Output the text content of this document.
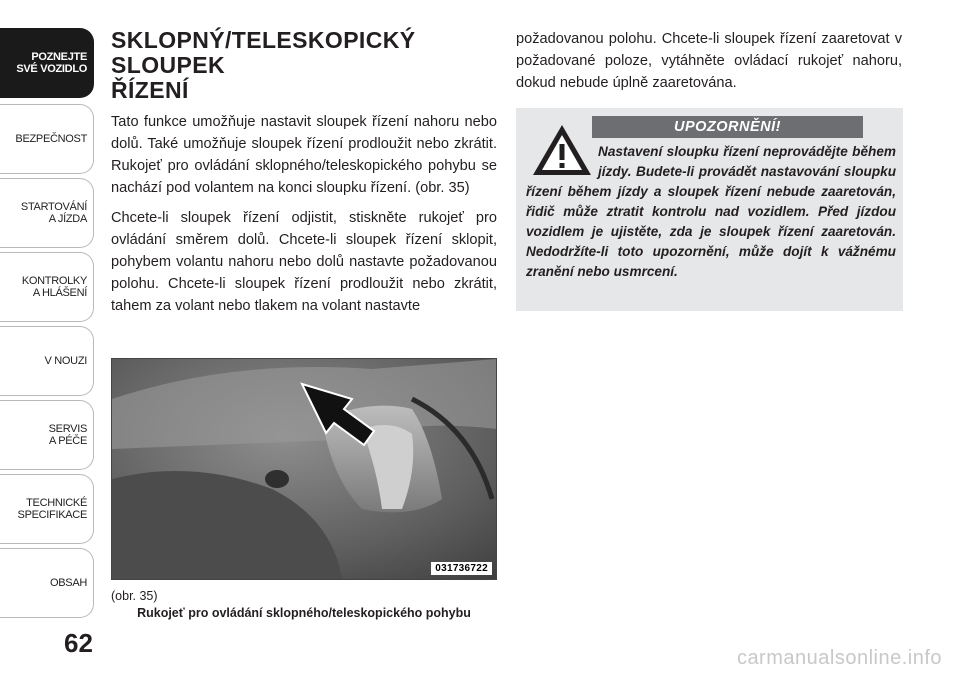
POZNEJTE
SVÉ VOZIDLO
BEZPEČNOST
STARTOVÁNÍ
A JÍZDA
KONTROLKY
A HLÁŠENÍ
V NOUZI
SERVIS
A PÉČE
TECHNICKÉ
SPECIFIKACE
OBSAH
62
SKLOPNÝ/TELESKOPICKÝ SLOUPEK
ŘÍZENÍ

Tato funkce umožňuje nastavit sloupek řízení nahoru nebo dolů. Také umožňuje sloupek řízení prodloužit nebo zkrátit. Rukojeť pro ovládání sklopného/teleskopického pohybu se nachází pod volantem na konci sloupku řízení. (obr. 35)

Chcete-li sloupek řízení odjistit, stiskněte rukojeť pro ovládání směrem dolů. Chcete-li sloupek řízení sklopit, pohybem volantu nahoru nebo dolů nastavte požadovanou polohu. Chcete-li sloupek řízení prodloužit nebo zkrátit, tahem za volant nebo tlakem na volant nastavte

031736722
(obr. 35)
Rukojeť pro ovládání sklopného/teleskopického pohybu

požadovanou polohu. Chcete-li sloupek řízení zaaretovat v požadované poloze, vytáhněte ovládací rukojeť nahoru, dokud nebude úplně zaaretována.

UPOZORNĚNÍ!
Nastavení sloupku řízení neprovádějte během jízdy. Budete-li provádět nastavování sloupku řízení během jízdy a sloupek řízení nebude zaaretován, řidič může ztratit kontrolu nad vozidlem. Před jízdou vozidlem je ujistěte, zda je sloupek řízení zaaretován. Nedodržíte-li toto upozornění, může dojít k vážnému zranění nebo usmrcení.
carmanualsonline.info
